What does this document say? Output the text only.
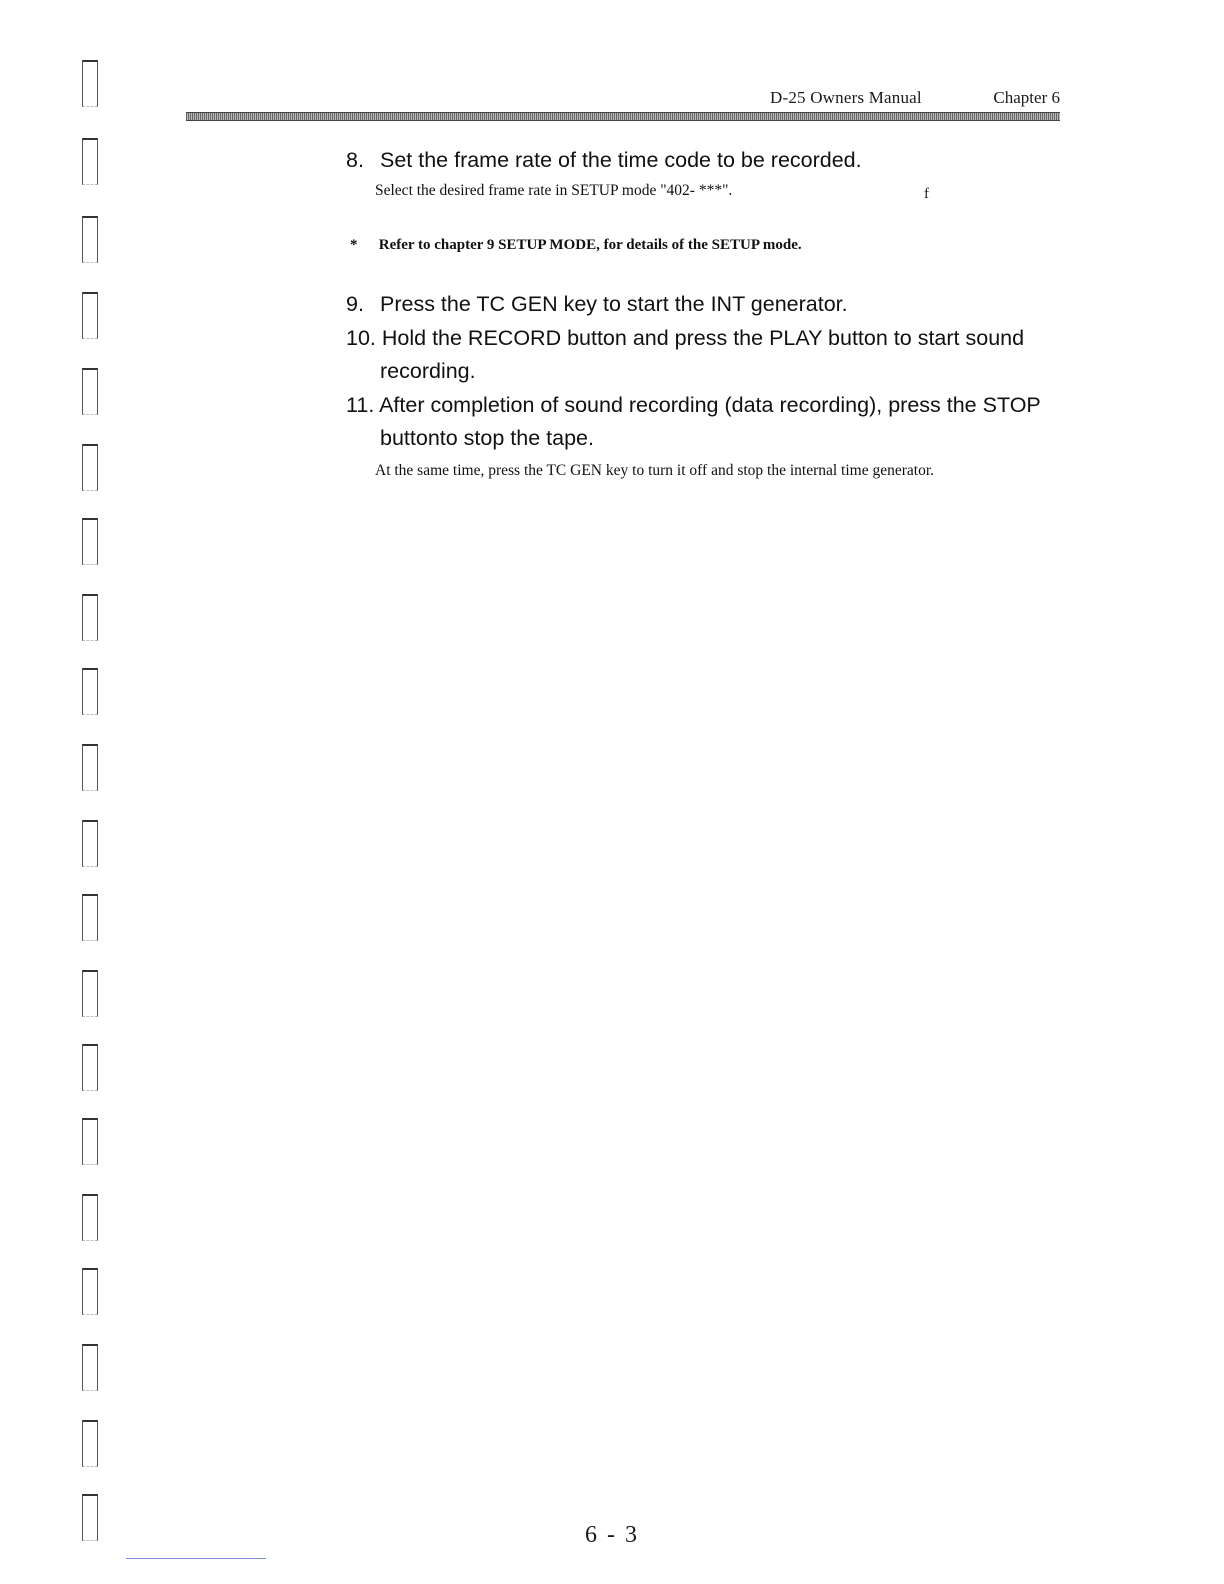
D-25 Owners Manual	Chapter 6
8. Set the frame rate of the time code to be recorded.
Select the desired frame rate in SETUP mode "402- ***".	f
* Refer to chapter 9 SETUP MODE, for details of the SETUP mode.
9. Press the TC GEN key to start the INT generator.
10. Hold the RECORD button and press the PLAY button to start sound
recording.
11. After completion of sound recording (data recording), press the STOP
buttonto stop the tape.
At the same time, press the TC GEN key to turn it off and stop the internal time generator.
6 - 3
